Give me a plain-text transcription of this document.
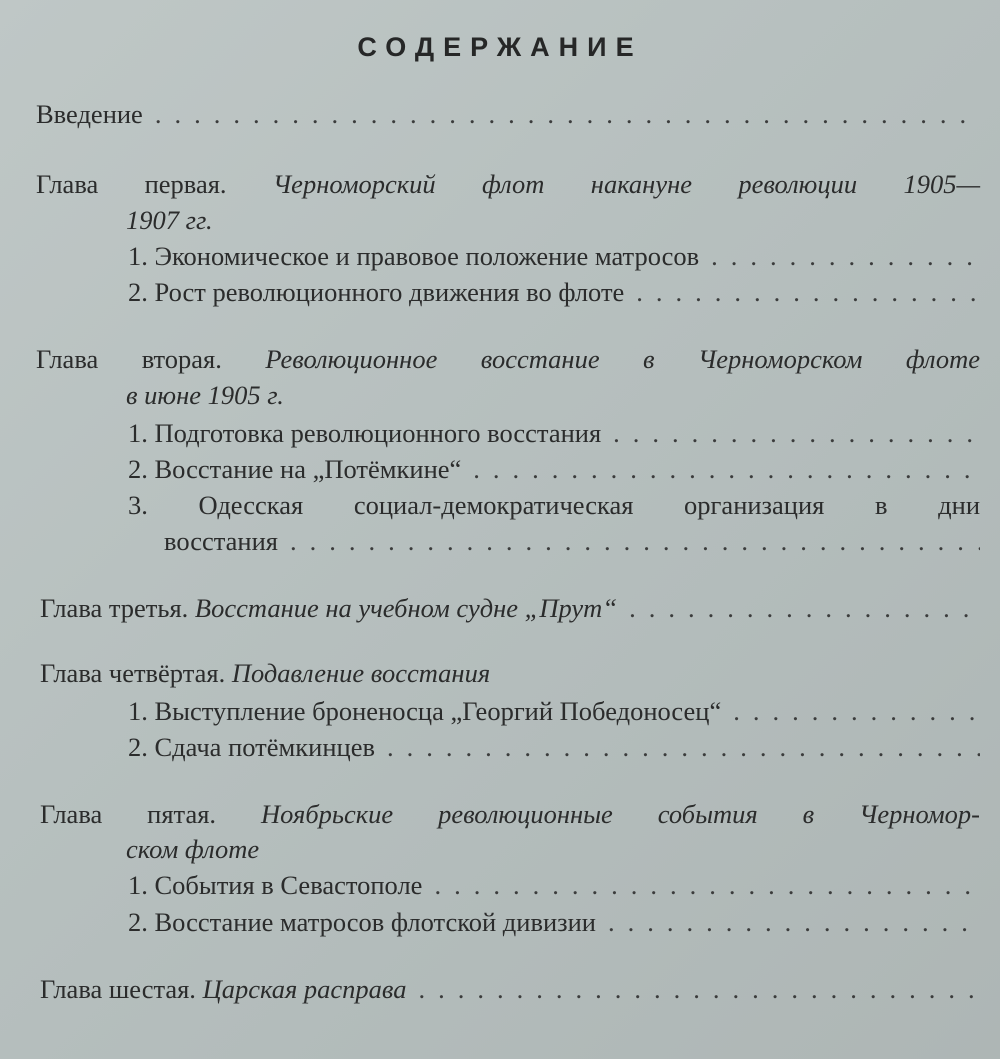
СОДЕРЖАНИЕ
Введение
.....
Глава первая. Черноморский флот накануне революции 1905—
1907 гг.
1. Экономическое и правовое положение матросов
.....
2. Рост революционного движения во флоте
.....
Глава вторая. Революционное восстание в Черноморском флоте
в июне 1905 г.
1. Подготовка революционного восстания
.....
2. Восстание на „Потёмкине“
.....
3. Одесская социал-демократическая организация в дни
восстания
.....
Глава третья. Восстание на учебном судне „Прут“
.....
Глава четвёртая. Подавление восстания
1. Выступление броненосца „Георгий Победоносец“
.....
2. Сдача потёмкинцев
.....
Глава пятая. Ноябрьские революционные события в Черномор-
ском флоте
1. События в Севастополе
.....
2. Восстание матросов флотской дивизии
.....
Глава шестая. Царская расправа
.....
